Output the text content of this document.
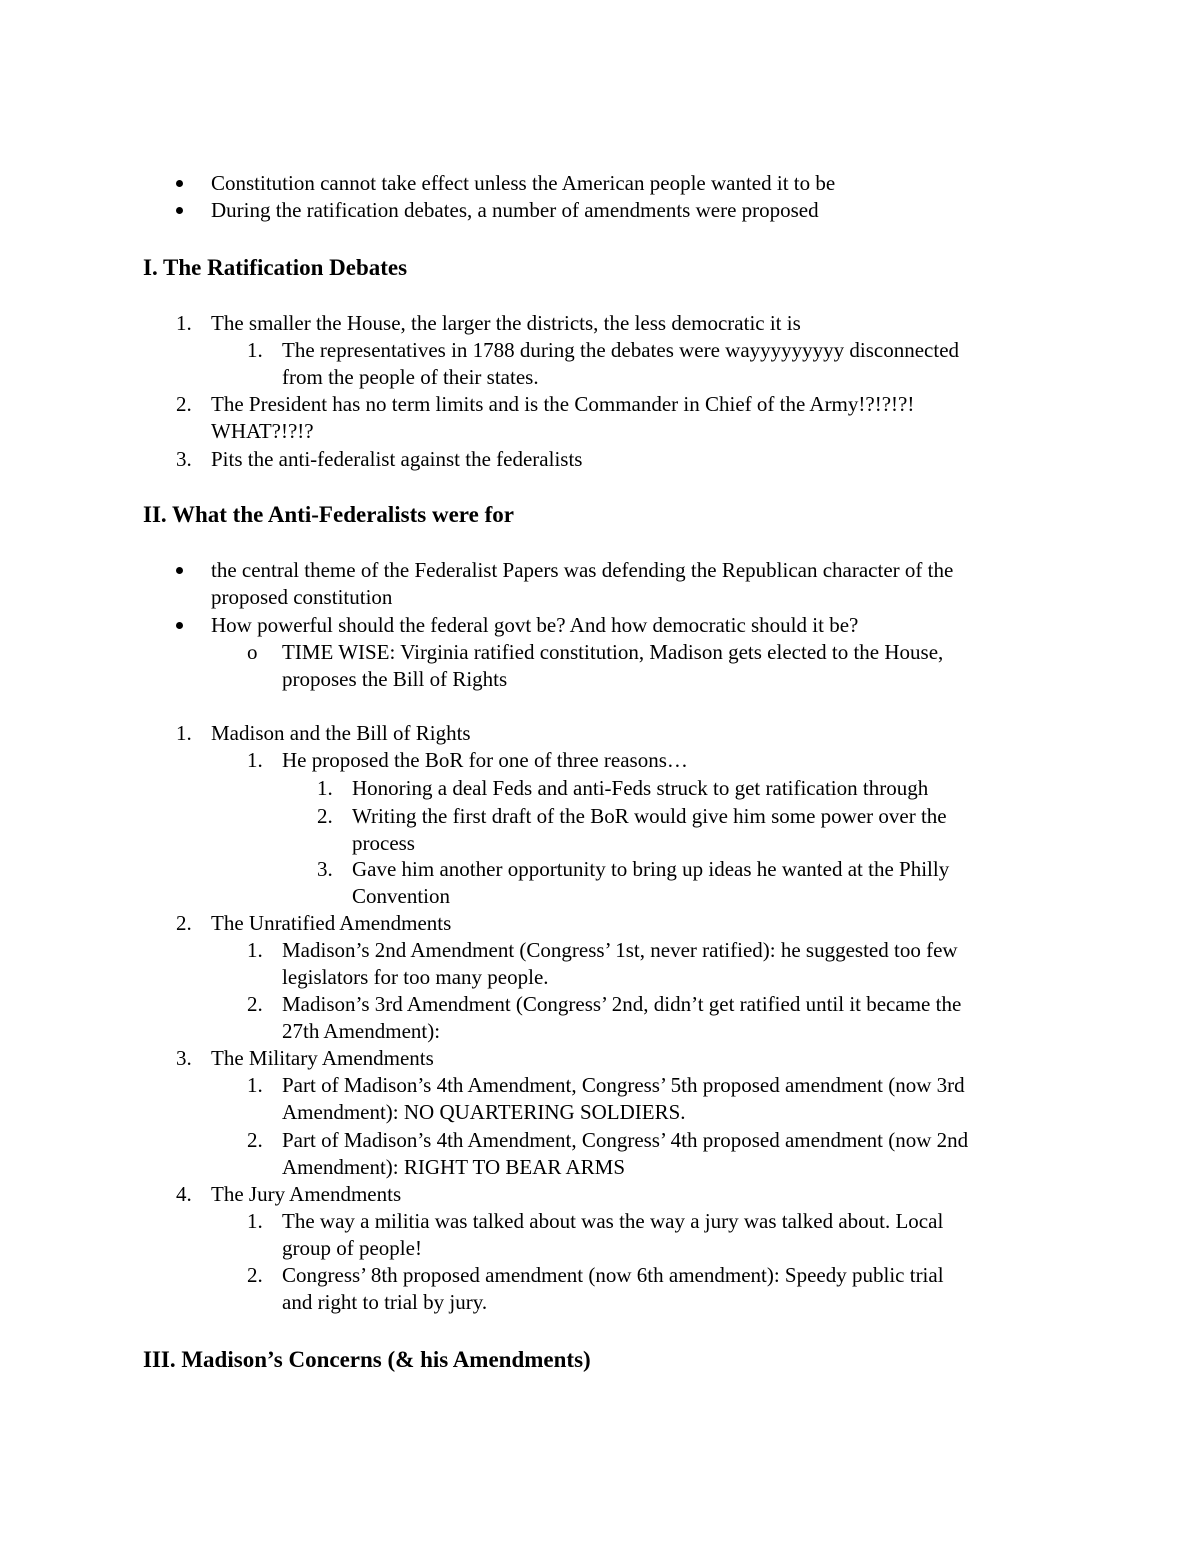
Constitution cannot take effect unless the American people wanted it to be
During the ratification debates, a number of amendments were proposed
I. The Ratification Debates
1. The smaller the House, the larger the districts, the less democratic it is
1. The representatives in 1788 during the debates were wayyyyyyyyy disconnected
from the people of their states.
2. The President has no term limits and is the Commander in Chief of the Army!?!?!?!
WHAT?!?!?
3. Pits the anti-federalist against the federalists
II. What the Anti-Federalists were for
the central theme of the Federalist Papers was defending the Republican character of the
proposed constitution
How powerful should the federal govt be? And how democratic should it be?
o TIME WISE: Virginia ratified constitution, Madison gets elected to the House,
proposes the Bill of Rights
1. Madison and the Bill of Rights
1. He proposed the BoR for one of three reasons…
1. Honoring a deal Feds and anti-Feds struck to get ratification through
2. Writing the first draft of the BoR would give him some power over the
process
3. Gave him another opportunity to bring up ideas he wanted at the Philly
Convention
2. The Unratified Amendments
1. Madison’s 2nd Amendment (Congress’ 1st, never ratified): he suggested too few
legislators for too many people.
2. Madison’s 3rd Amendment (Congress’ 2nd, didn’t get ratified until it became the
27th Amendment):
3. The Military Amendments
1. Part of Madison’s 4th Amendment, Congress’ 5th proposed amendment (now 3rd
Amendment): NO QUARTERING SOLDIERS.
2. Part of Madison’s 4th Amendment, Congress’ 4th proposed amendment (now 2nd
Amendment): RIGHT TO BEAR ARMS
4. The Jury Amendments
1. The way a militia was talked about was the way a jury was talked about. Local
group of people!
2. Congress’ 8th proposed amendment (now 6th amendment): Speedy public trial
and right to trial by jury.
III. Madison’s Concerns (& his Amendments)
